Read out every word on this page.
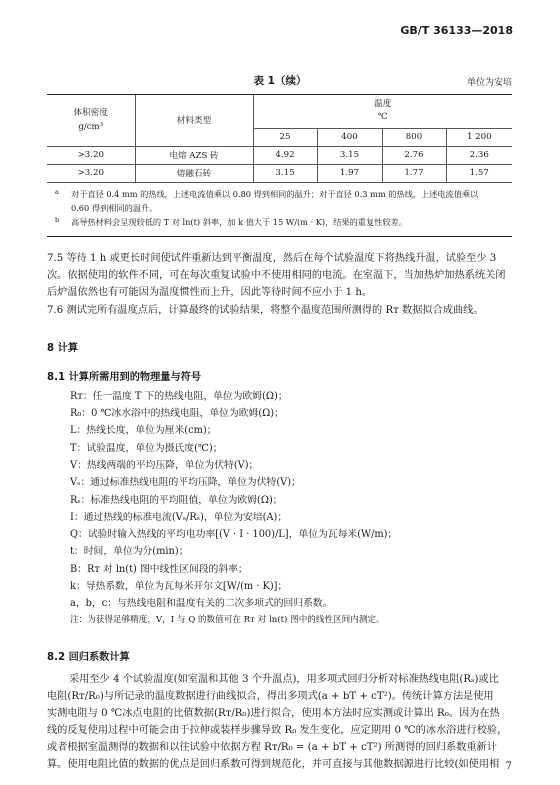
GB/T 36133—2018
表 1（续）	单位为安培
体积密度
g/cm³	材料类型	温度
℃			
		25	400	800	1 200
>3.20	电熔 AZS 砖	4.92	3.15	2.76	2.36
>3.20	熔融石砖	3.15	1.97	1.77	1.57

a 对于直径 0.4 mm 的热线，上述电流值乘以 0.80 得到相同的温升；对于直径 0.3 mm 的热线，上述电流值乘以
0.60 得到相同的温升。
b 高导热材料会呈现较低的 T 对 ln(t) 斜率，加 k 值大于 15 W/(m · K)，结果的重复性较差。					
7.5 等待 1 h 或更长时间使试件重新达到平衡温度，然后在每个试验温度下将热线升温，试验至少 3
次。依据使用的软件不同，可在每次重复试验中不使用相同的电流。在室温下，当加热炉加热系统关闭
后炉温依然也有可能因为温度惯性而上升，因此等待时间不应小于 1 h。
7.6 测试完所有温度点后，计算最终的试验结果，将整个温度范围所测得的 Rᴛ 数据拟合成曲线。
8 计算
8.1 计算所需用到的物理量与符号
Rᴛ：任一温度 T 下的热线电阻，单位为欧姆(Ω)；
R₀：0 ℃冰水浴中的热线电阻，单位为欧姆(Ω)；
L：热线长度，单位为厘米(cm)；
T：试验温度，单位为摄氏度(℃)；
V：热线两端的平均压降，单位为伏特(V)；
Vₛ：通过标准热线电阻的平均压降，单位为伏特(V)；
Rₛ：标准热线电阻的平均阻值，单位为欧姆(Ω)；
I：通过热线的标准电流(Vₛ/Rₛ)，单位为安培(A)；
Q：试验时输入热线的平均电功率[(V · I · 100)/L]，单位为瓦每米(W/m)；
t：时间，单位为分(min)；
B：Rᴛ 对 ln(t) 图中线性区间段的斜率；
k：导热系数，单位为瓦每米开尔文[W/(m · K)]；
a，b，c：与热线电阻和温度有关的二次多项式的回归系数。
注：为获得足够精度，V，I 与 Q 的数值可在 Rᴛ 对 ln(t) 图中的线性区间内测定。
8.2 回归系数计算
采用至少 4 个试验温度(如室温和其他 3 个升温点)，用多项式回归分析对标准热线电阻(Rₛ)或比
电阻(Rᴛ/R₀)与所记录的温度数据进行曲线拟合，得出多项式(a + bT + cT²)。传统计算方法是使用
实测电阻与 0 ℃冰点电阻的比值数据(Rᴛ/R₀)进行拟合，使用本方法时应实测或计算出 R₀。因为在热
线的反复使用过程中可能会由于拉伸或装样步骤导致 R₀ 发生变化，应定期用 0 ℃的冰水浴进行校验，
或者根据室温测得的数据和以往试验中依据方程 Rᴛ/R₀ = (a + bT + cT²) 所测得的回归系数重新计
算。使用电阻比值的数据的优点是回归系数可得到规范化，并可直接与其他数据源进行比较(如使用相 7
